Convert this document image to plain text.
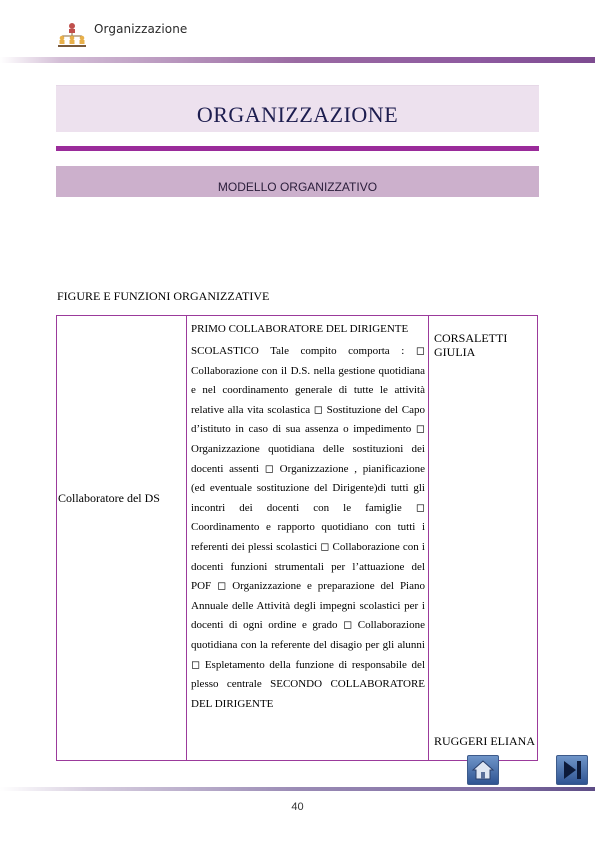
Organizzazione
ORGANIZZAZIONE
MODELLO ORGANIZZATIVO
FIGURE E FUNZIONI ORGANIZZATIVE
Collaboratore del DS
PRIMO COLLABORATORE DEL DIRIGENTE
SCOLASTICO Tale compito comporta : ◻ Collaborazione con il D.S. nella gestione quotidiana e nel coordinamento generale di tutte le attività relative alla vita scolastica ◻ Sostituzione del Capo d’istituto in caso di sua assenza o impedimento ◻ Organizzazione quotidiana delle sostituzioni dei docenti assenti ◻ Organizzazione , pianificazione (ed eventuale sostituzione del Dirigente)di tutti gli incontri dei docenti con le famiglie ◻ Coordinamento e rapporto quotidiano con tutti i referenti dei plessi scolastici ◻ Collaborazione con i docenti funzioni strumentali per l’attuazione del POF ◻ Organizzazione e preparazione del Piano Annuale delle Attività degli impegni scolastici per i docenti di ogni ordine e grado ◻ Collaborazione quotidiana con la referente del disagio per gli alunni ◻ Espletamento della funzione di responsabile del plesso centrale SECONDO COLLABORATORE DEL DIRIGENTE
CORSALETTI GIULIA
RUGGERI ELIANA
40
